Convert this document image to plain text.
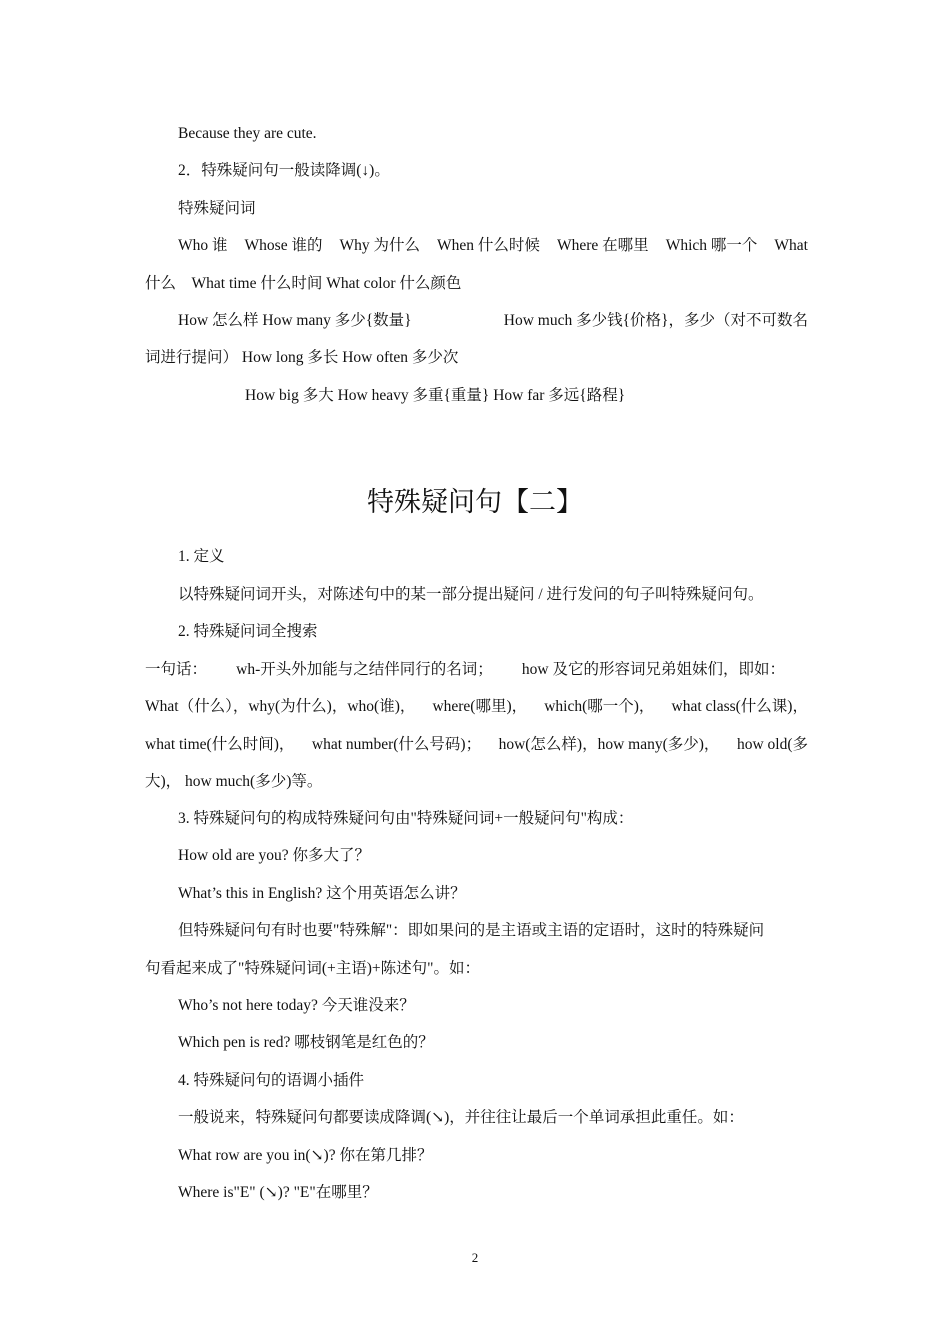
Because they are cute.
2．特殊疑问句一般读降调(↓)。
特殊疑问词
Who 谁 Whose 谁的 Why 为什么 When 什么时候 Where 在哪里 Which 哪一个 What
什么　What time 什么时间 What color 什么颜色
How 怎么样 How many 多少{数量}	How much 多少钱{价格}，多少（对不可数名
词进行提问） How long 多长 How often 多少次
How big 多大 How heavy 多重{重量} How far 多远{路程}
特殊疑问句【二】
1. 定义
以特殊疑问词开头，对陈述句中的某一部分提出疑问 / 进行发问的句子叫特殊疑问句。
2. 特殊疑问词全搜索
一句话： wh-开头外加能与之结伴同行的名词； how 及它的形容词兄弟姐妹们，即如：
What（什么），why(为什么)，who(谁)， where(哪里)， which(哪一个)， what class(什么课)，
what time(什么时间)， what number(什么号码)； how(怎么样)，how many(多少)， how old(多
大)， how much(多少)等。
3. 特殊疑问句的构成特殊疑问句由"特殊疑问词+一般疑问句"构成：
How old are you? 你多大了？
What’s this in English? 这个用英语怎么讲？
但特殊疑问句有时也要"特殊解"：即如果问的是主语或主语的定语时，这时的特殊疑问
句看起来成了"特殊疑问词(+主语)+陈述句"。如：
Who’s not here today? 今天谁没来？
Which pen is red? 哪枝钢笔是红色的？
4. 特殊疑问句的语调小插件
一般说来，特殊疑问句都要读成降调(↘)，并往往让最后一个单词承担此重任。如：
What row are you in(↘)? 你在第几排？
Where is"E" (↘)? "E"在哪里？
2
